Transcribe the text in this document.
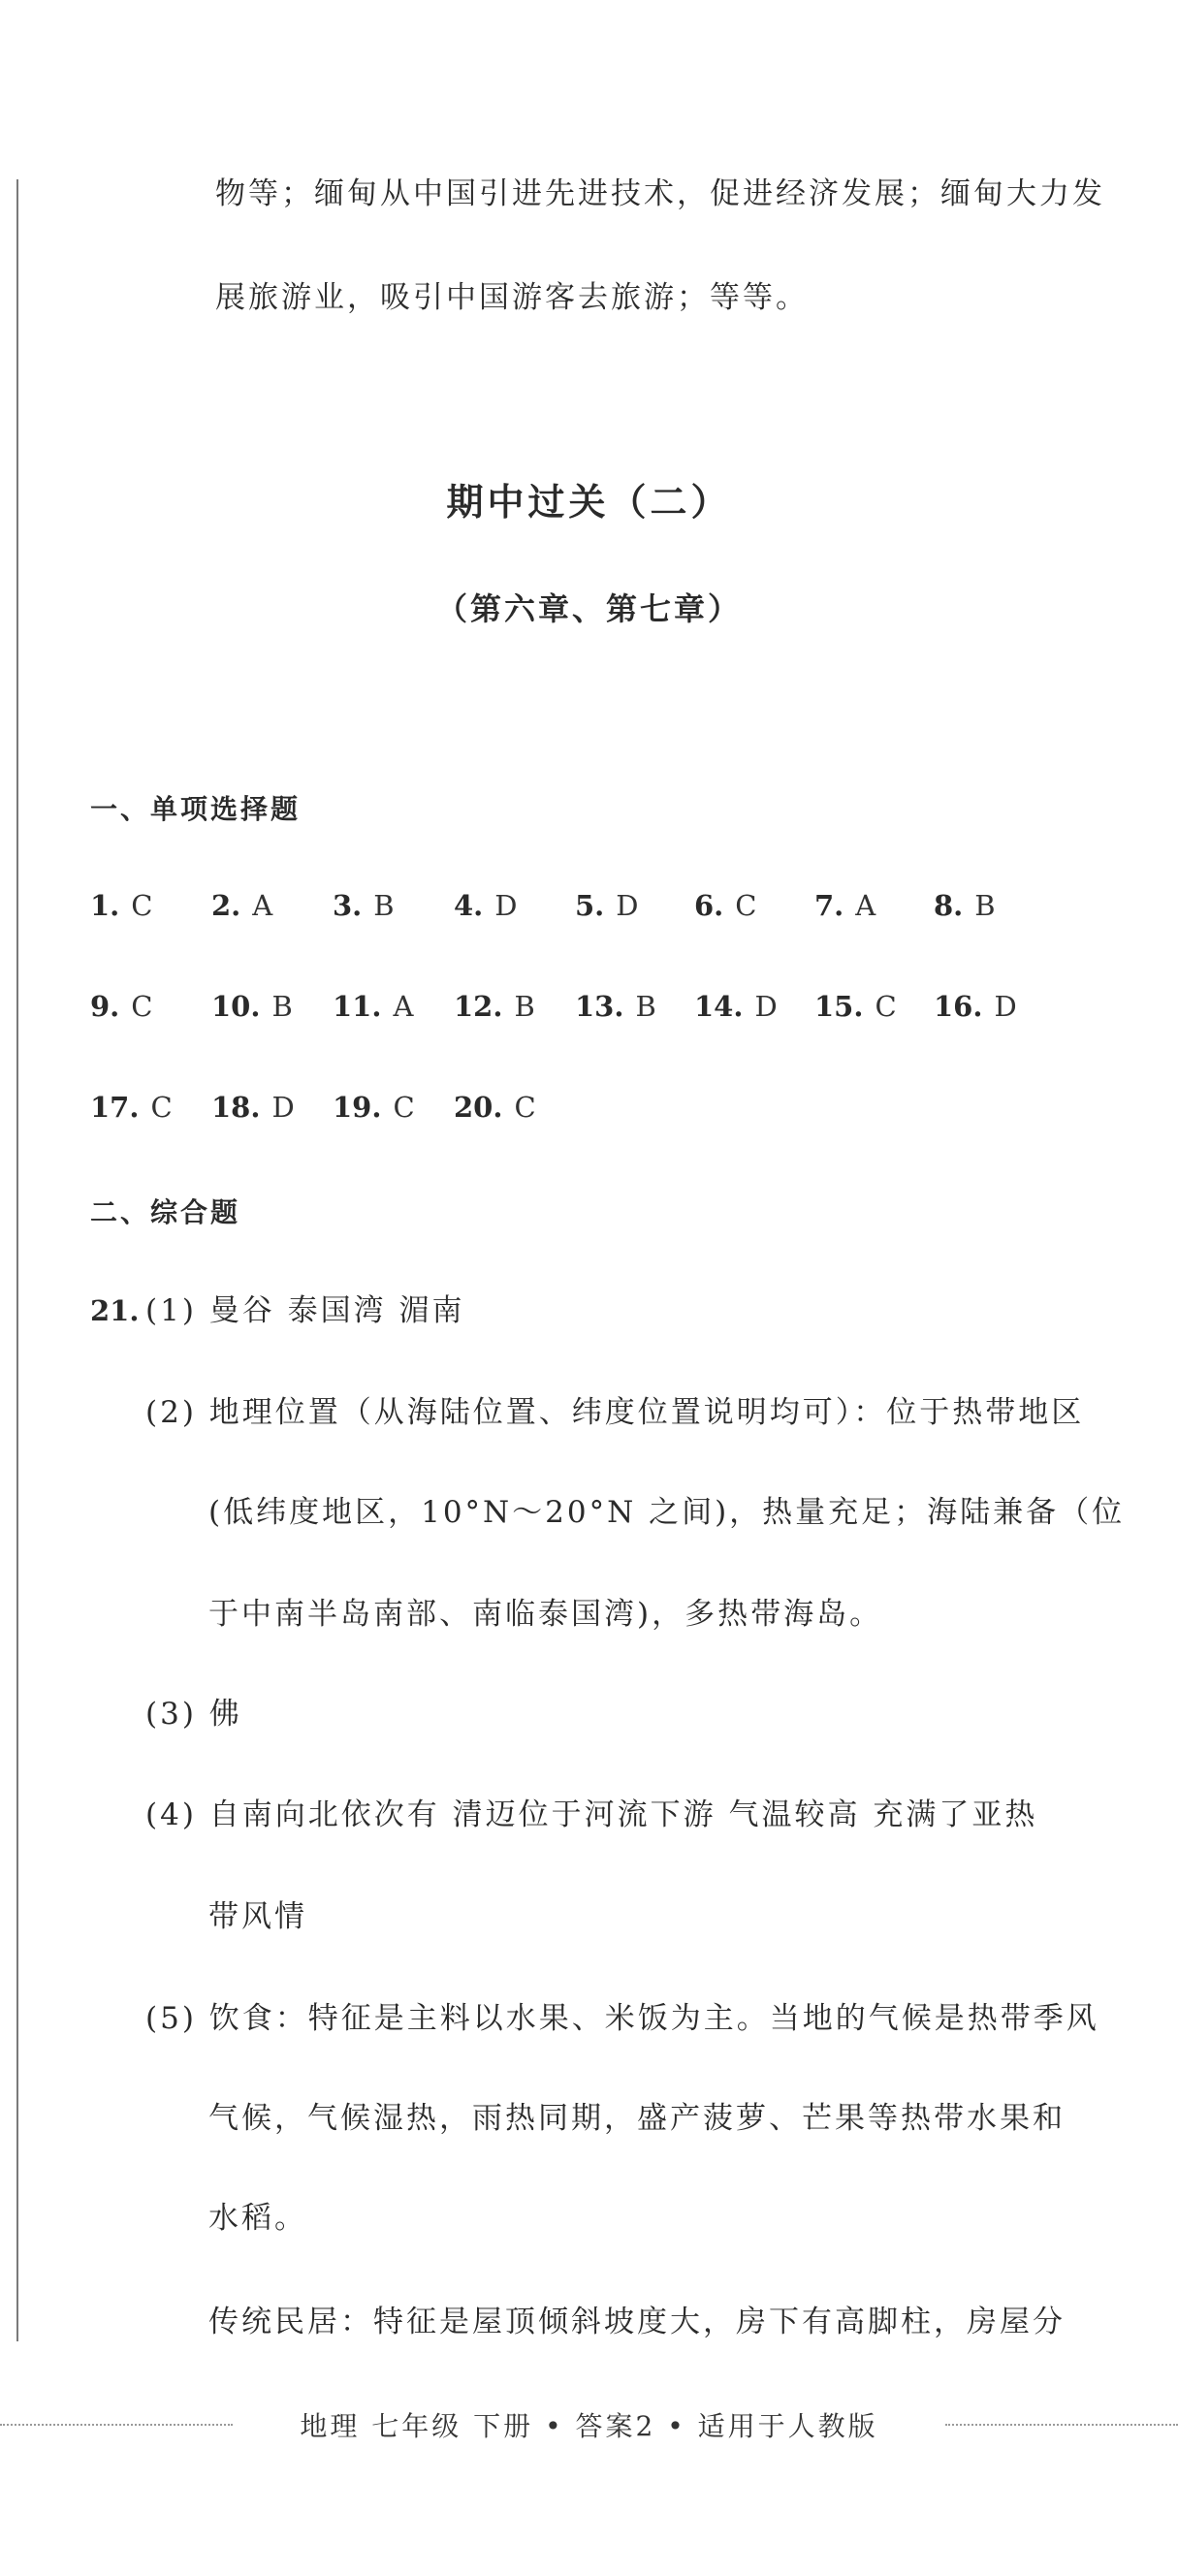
物等；缅甸从中国引进先进技术，促进经济发展；缅甸大力发
展旅游业，吸引中国游客去旅游；等等。
期中过关（二）
（第六章、第七章）
一、单项选择题
1. C 2. A 3. B 4. D 5. D 6. C 7. A 8. B
9. C 10. B 11. A 12. B 13. B 14. D 15. C 16. D
17. C 18. D 19. C 20. C
二、综合题
21. (1) 曼谷 泰国湾 湄南
(2) 地理位置（从海陆位置、纬度位置说明均可）：位于热带地区
(低纬度地区，10°N～20°N 之间)，热量充足；海陆兼备（位
于中南半岛南部、南临泰国湾)，多热带海岛。
(3) 佛
(4) 自南向北依次有 清迈位于河流下游 气温较高 充满了亚热
带风情
(5) 饮食：特征是主料以水果、米饭为主。当地的气候是热带季风
气候，气候湿热，雨热同期，盛产菠萝、芒果等热带水果和
水稻。
传统民居：特征是屋顶倾斜坡度大，房下有高脚柱，房屋分
地理 七年级 下册 • 答案2 • 适用于人教版
